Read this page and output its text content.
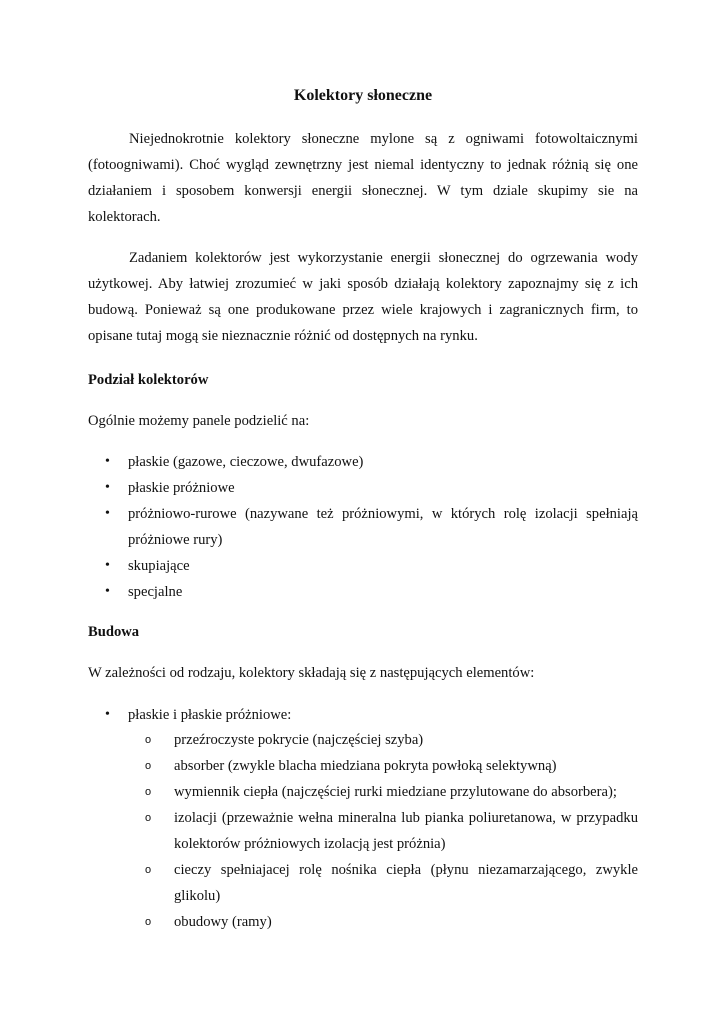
Kolektory słoneczne

Niejednokrotnie kolektory słoneczne mylone są z ogniwami fotowoltaicznymi (fotoogniwami). Choć wygląd zewnętrzny jest niemal identyczny to jednak różnią się one działaniem i sposobem konwersji energii słonecznej. W tym dziale skupimy sie na kolektorach.

Zadaniem kolektorów jest wykorzystanie energii słonecznej do ogrzewania wody użytkowej. Aby łatwiej zrozumieć w jaki sposób działają kolektory zapoznajmy się z ich budową. Ponieważ są one produkowane przez wiele krajowych i zagranicznych firm, to opisane tutaj mogą sie nieznacznie różnić od dostępnych na rynku.

Podział kolektorów
Ogólnie możemy panele podzielić na:
• płaskie (gazowe, cieczowe, dwufazowe)
• płaskie próżniowe
• próżniowo-rurowe (nazywane też próżniowymi, w których rolę izolacji spełniają próżniowe rury)
• skupiające
• specjalne
Budowa
W zależności od rodzaju, kolektory składają się z następujących elementów:
• płaskie i płaskie próżniowe:
o przeźroczyste pokrycie (najczęściej szyba)
o absorber (zwykle blacha miedziana pokryta powłoką selektywną)
o wymiennik ciepła (najczęściej rurki miedziane przylutowane do absorbera);
o izolacji (przeważnie wełna mineralna lub pianka poliuretanowa, w przypadku kolektorów próżniowych izolacją jest próżnia)
o cieczy spełniajacej rolę nośnika ciepła (płynu niezamarzającego, zwykle glikolu)
o obudowy (ramy)
